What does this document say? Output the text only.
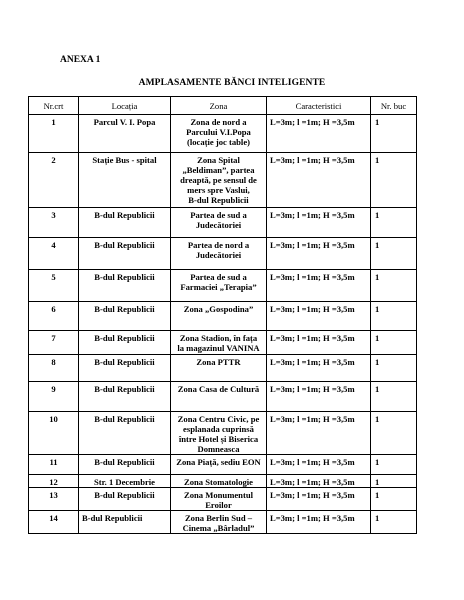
ANEXA 1
AMPLASAMENTE BĂNCI INTELIGENTE
Nr.crt	Locația	Zona	Caracteristici	Nr. buc
1	Parcul V. I. Popa	Zona de nord a
Parcului V.I.Popa
(locație joc table)	L=3m; l =1m; H =3,5m	1
2	Stație Bus - spital	Zona Spital
„Beldiman”, partea
dreaptă, pe sensul de
mers spre Vaslui,
B-dul Republicii	L=3m; l =1m; H =3,5m	1
3	B-dul Republicii	Partea de sud a
Judecătoriei	L=3m; l =1m; H =3,5m	1
4	B-dul Republicii	Partea de nord a
Judecătoriei	L=3m; l =1m; H =3,5m	1
5	B-dul Republicii	Partea de sud a
Farmaciei „Terapia”	L=3m; l =1m; H =3,5m	1
6	B-dul Republicii	Zona „Gospodina”	L=3m; l =1m; H =3,5m	1
7	B-dul Republicii	Zona Stadion, în fața
la magazinul VANINA	L=3m; l =1m; H =3,5m	1
8	B-dul Republicii	Zona PTTR	L=3m; l =1m; H =3,5m	1
9	B-dul Republicii	Zona Casa de Cultură	L=3m; l =1m; H =3,5m	1
10	B-dul Republicii	Zona Centru Civic, pe
esplanada cuprinsă
între Hotel și Biserica
Domneasca	L=3m; l =1m; H =3,5m	1
11	B-dul Republicii	Zona Piață, sediu EON	L=3m; l =1m; H =3,5m	1
12	Str. 1 Decembrie	Zona Stomatologie	L=3m; l =1m; H =3,5m	1
13	B-dul Republicii	Zona Monumentul
Eroilor	L=3m; l =1m; H =3,5m	1
14	B-dul Republicii	Zona Berlin Sud –
Cinema „Bârladul”	L=3m; l =1m; H =3,5m	1
